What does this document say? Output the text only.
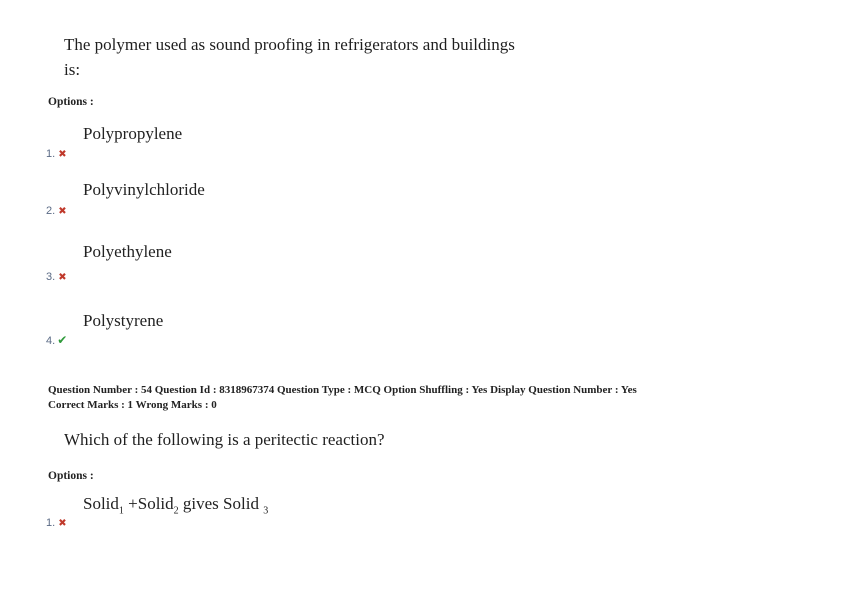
The polymer used as sound proofing in refrigerators and buildings
is:
Options :
Polypropylene
1. ✖
Polyvinylchloride
2. ✖
Polyethylene
3. ✖
Polystyrene
4. ✔
Question Number : 54 Question Id : 8318967374 Question Type : MCQ Option Shuffling : Yes Display Question Number : Yes
Correct Marks : 1 Wrong Marks : 0
Which of the following is a peritectic reaction?
Options :
Solid$_1$ +Solid$_2$ gives Solid $_3$
1. ✖
